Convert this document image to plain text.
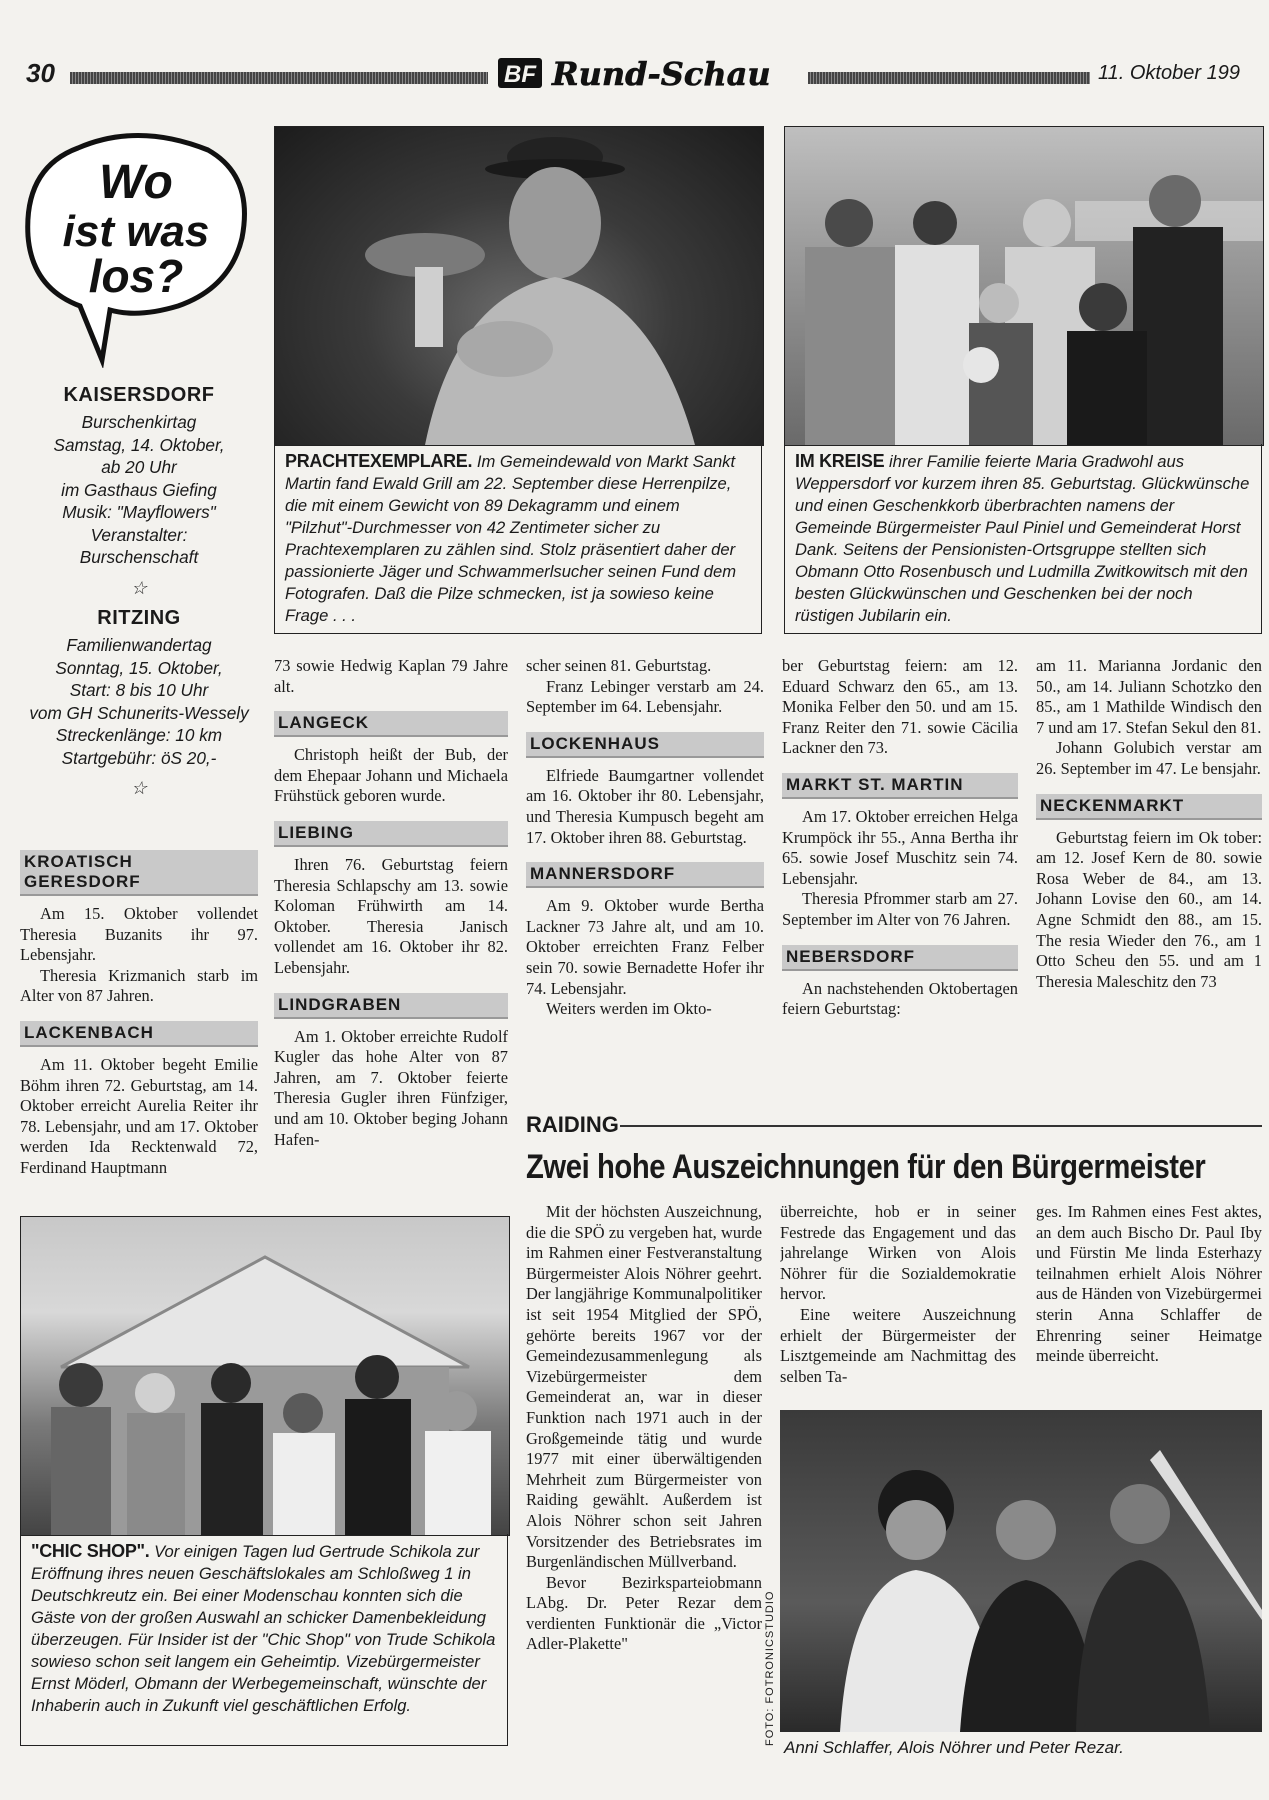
30	BF Rund-Schau	11. Oktober 199
Wo
ist was
los?
KAISERSDORF
Burschenkirtag
Samstag, 14. Oktober,
ab 20 Uhr
im Gasthaus Giefing
Musik: "Mayflowers"
Veranstalter:
Burschenschaft
☆
RITZING
Familienwandertag
Sonntag, 15. Oktober,
Start: 8 bis 10 Uhr
vom GH Schunerits-Wessely
Streckenlänge: 10 km
Startgebühr: öS 20,-
☆
PRACHTEXEMPLARE. Im Gemeindewald von Markt Sankt Martin fand Ewald Grill am 22. September diese Herrenpilze, die mit einem Gewicht von 89 Dekagramm und einem "Pilzhut"-Durchmesser von 42 Zentimeter sicher zu Prachtexemplaren zu zählen sind. Stolz präsentiert daher der passionierte Jäger und Schwammerlsucher seinen Fund dem Fotografen. Daß die Pilze schmecken, ist ja sowieso keine Frage . . .
IM KREISE ihrer Familie feierte Maria Gradwohl aus Weppersdorf vor kurzem ihren 85. Geburtstag. Glückwünsche und einen Geschenkkorb überbrachten namens der Gemeinde Bürgermeister Paul Piniel und Gemeinderat Horst Dank. Seitens der Pensionisten-Ortsgruppe stellten sich Obmann Otto Rosenbusch und Ludmilla Zwitkowitsch mit den besten Glückwünschen und Geschenken bei der noch rüstigen Jubilarin ein.
KROATISCH GERESDORF

Am 15. Oktober vollendet Theresia Buzanits ihr 97. Lebensjahr.

Theresia Krizmanich starb im Alter von 87 Jahren.

LACKENBACH

Am 11. Oktober begeht Emilie Böhm ihren 72. Geburtstag, am 14. Oktober erreicht Aurelia Reiter ihr 78. Lebensjahr, und am 17. Oktober werden Ida Recktenwald 72, Ferdinand Hauptmann

73 sowie Hedwig Kaplan 79 Jahre alt.

LANGECK

Christoph heißt der Bub, der dem Ehepaar Johann und Michaela Frühstück geboren wurde.

LIEBING

Ihren 76. Geburtstag feiern Theresia Schlapschy am 13. sowie Koloman Frühwirth am 14. Oktober. Theresia Janisch vollendet am 16. Oktober ihr 82. Lebensjahr.

LINDGRABEN

Am 1. Oktober erreichte Rudolf Kugler das hohe Alter von 87 Jahren, am 7. Oktober feierte Theresia Gugler ihren Fünfziger, und am 10. Oktober beging Johann Hafen-

scher seinen 81. Geburtstag.

Franz Lebinger verstarb am 24. September im 64. Lebensjahr.

LOCKENHAUS

Elfriede Baumgartner vollendet am 16. Oktober ihr 80. Lebensjahr, und Theresia Kumpusch begeht am 17. Oktober ihren 88. Geburtstag.

MANNERSDORF

Am 9. Oktober wurde Bertha Lackner 73 Jahre alt, und am 10. Oktober erreichten Franz Felber sein 70. sowie Bernadette Hofer ihr 74. Lebensjahr.

Weiters werden im Okto-

ber Geburtstag feiern: am 12. Eduard Schwarz den 65., am 13. Monika Felber den 50. und am 15. Franz Reiter den 71. sowie Cäcilia Lackner den 73.

MARKT ST. MARTIN

Am 17. Oktober erreichen Helga Krumpöck ihr 55., Anna Bertha ihr 65. sowie Josef Muschitz sein 74. Lebensjahr.

Theresia Pfrommer starb am 27. September im Alter von 76 Jahren.

NEBERSDORF

An nachstehenden Oktobertagen feiern Geburtstag:

am 11. Marianna Jordanic den 50., am 14. Juliann Schotzko den 85., am 1 Mathilde Windisch den 7 und am 17. Stefan Sekul den 81.

Johann Golubich verstar am 26. September im 47. Le bensjahr.

NECKENMARKT

Geburtstag feiern im Ok tober: am 12. Josef Kern de 80. sowie Rosa Weber de 84., am 13. Johann Lovise den 60., am 14. Agne Schmidt den 88., am 15. The resia Wieder den 76., am 1 Otto Scheu den 55. und am 1 Theresia Maleschitz den 73

RAIDING
Zwei hohe Auszeichnungen für den Bürgermeister

Mit der höchsten Auszeichnung, die die SPÖ zu vergeben hat, wurde im Rahmen einer Festveranstaltung Bürgermeister Alois Nöhrer geehrt. Der langjährige Kommunalpolitiker ist seit 1954 Mitglied der SPÖ, gehörte bereits 1967 vor der Gemeindezusammenlegung als Vizebürgermeister dem Gemeinderat an, war in dieser Funktion nach 1971 auch in der Großgemeinde tätig und wurde 1977 mit einer überwältigenden Mehrheit zum Bürgermeister von Raiding gewählt. Außerdem ist Alois Nöhrer schon seit Jahren Vorsitzender des Betriebsrates im Burgenländischen Müllverband.

Bevor Bezirksparteiobmann LAbg. Dr. Peter Rezar dem verdienten Funktionär die „Victor Adler-Plakette"	FOTO: FOTRONICSTUDIO

überreichte, hob er in seiner Festrede das Engagement und das jahrelange Wirken von Alois Nöhrer für die Sozialdemokratie hervor.

Eine weitere Auszeichnung erhielt der Bürgermeister der Lisztgemeinde am Nachmittag des selben Ta-

ges. Im Rahmen eines Fest aktes, an dem auch Bischo Dr. Paul Iby und Fürstin Me linda Esterhazy teilnahmen erhielt Alois Nöhrer aus de Händen von Vizebürgermei sterin Anna Schlaffer de Ehrenring seiner Heimatge meinde überreicht.

Anni Schlaffer, Alois Nöhrer und Peter Rezar.
"CHIC SHOP". Vor einigen Tagen lud Gertrude Schikola zur Eröffnung ihres neuen Geschäftslokales am Schloßweg 1 in Deutschkreutz ein. Bei einer Modenschau konnten sich die Gäste von der großen Auswahl an schicker Damenbekleidung überzeugen. Für Insider ist der "Chic Shop" von Trude Schikola sowieso schon seit langem ein Geheimtip. Vizebürgermeister Ernst Möderl, Obmann der Werbegemeinschaft, wünschte der Inhaberin auch in Zukunft viel geschäftlichen Erfolg.
